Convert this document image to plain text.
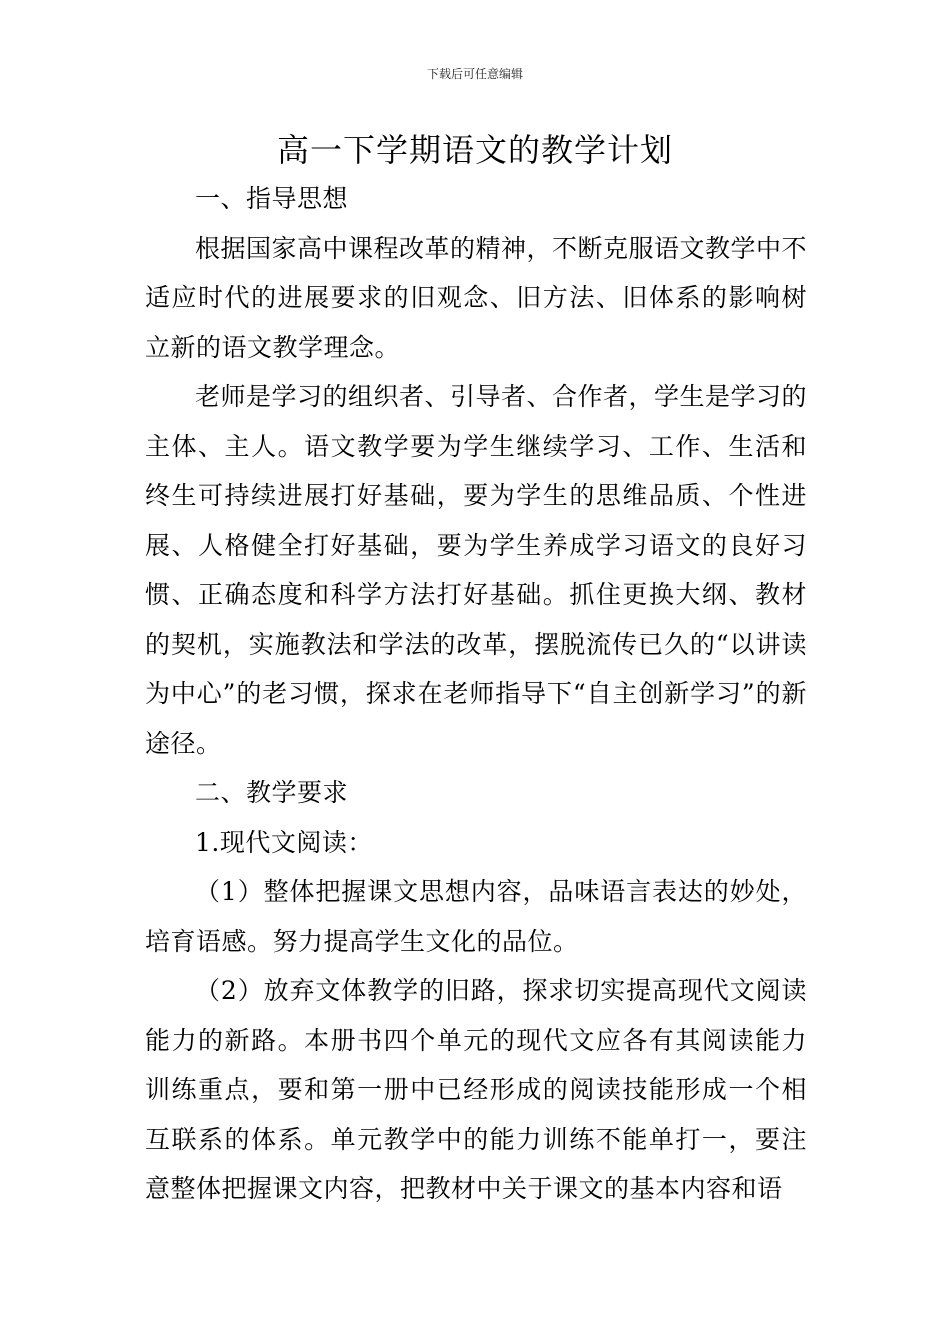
下载后可任意编辑
高一下学期语文的教学计划

一、指导思想

根据国家高中课程改革的精神，不断克服语文教学中不适应时代的进展要求的旧观念、旧方法、旧体系的影响树立新的语文教学理念。

老师是学习的组织者、引导者、合作者，学生是学习的主体、主人。语文教学要为学生继续学习、工作、生活和终生可持续进展打好基础，要为学生的思维品质、个性进展、人格健全打好基础，要为学生养成学习语文的良好习惯、正确态度和科学方法打好基础。抓住更换大纲、教材的契机，实施教法和学法的改革，摆脱流传已久的“以讲读为中心”的老习惯，探求在老师指导下“自主创新学习”的新途径。

二、教学要求

1.现代文阅读：

（1）整体把握课文思想内容，品味语言表达的妙处，培育语感。努力提高学生文化的品位。

（2）放弃文体教学的旧路，探求切实提高现代文阅读能力的新路。本册书四个单元的现代文应各有其阅读能力训练重点，要和第一册中已经形成的阅读技能形成一个相互联系的体系。单元教学中的能力训练不能单打一，要注意整体把握课文内容，把教材中关于课文的基本内容和语
